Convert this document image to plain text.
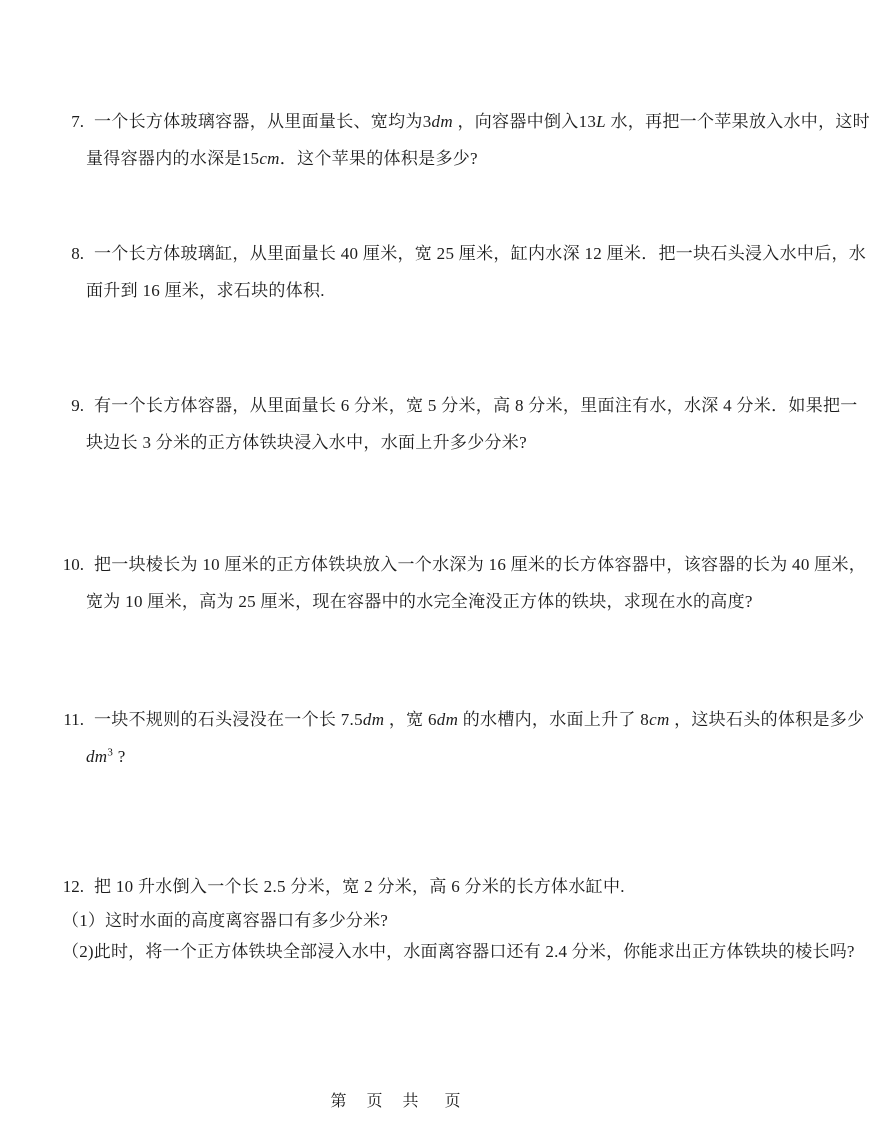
7. 一个长方体玻璃容器，从里面量长、宽均为3dm ，向容器中倒入13L 水，再把一个苹果放入水中，这时
量得容器内的水深是15cm．这个苹果的体积是多少?
8. 一个长方体玻璃缸，从里面量长 40 厘米，宽 25 厘米，缸内水深 12 厘米．把一块石头浸入水中后，水
面升到 16 厘米，求石块的体积.
9. 有一个长方体容器，从里面量长 6 分米，宽 5 分米，高 8 分米，里面注有水，水深 4 分米．如果把一
块边长 3 分米的正方体铁块浸入水中，水面上升多少分米?
10. 把一块棱长为 10 厘米的正方体铁块放入一个水深为 16 厘米的长方体容器中，该容器的长为 40 厘米，
宽为 10 厘米，高为 25 厘米，现在容器中的水完全淹没正方体的铁块，求现在水的高度?
11. 一块不规则的石头浸没在一个长 7.5dm ，宽 6dm 的水槽内，水面上升了 8cm ，这块石头的体积是多少
$dm^3$ ?
12. 把 10 升水倒入一个长 2.5 分米，宽 2 分米，高 6 分米的长方体水缸中.
（1）这时水面的高度离容器口有多少分米?
（2)此时，将一个正方体铁块全部浸入水中，水面离容器口还有 2.4 分米，你能求出正方体铁块的棱长吗?
第　页　共　 页
